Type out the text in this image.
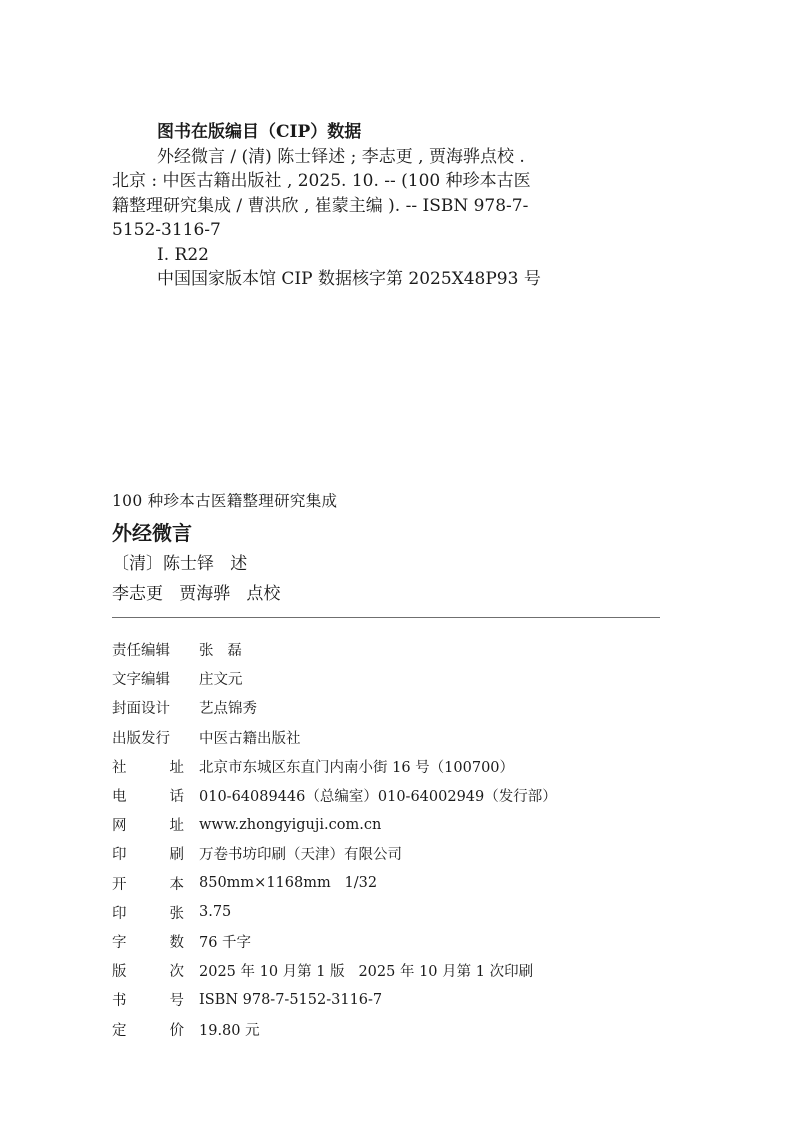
图书在版编目（CIP）数据
外经微言 / (清) 陈士铎述 ; 李志更 , 贾海骅点校 .
北京 : 中医古籍出版社 , 2025. 10. -- (100 种珍本古医
籍整理研究集成 / 曹洪欣 , 崔蒙主编 ). -- ISBN 978-7-
5152-3116-7
Ⅰ. R22
中国国家版本馆 CIP 数据核字第 2025X48P93 号
100 种珍本古医籍整理研究集成
外经微言
〔清〕陈士铎   述
李志更   贾海骅   点校
责任编辑 张   磊
文字编辑 庄文元
封面设计 艺点锦秀
出版发行 中医古籍出版社
社	址 北京市东城区东直门内南小街 16 号（100700）
电	话 010-64089446（总编室）010-64002949（发行部）
网	址 www.zhongyiguji.com.cn
印	刷 万卷书坊印刷（天津）有限公司
开	本 850mm×1168mm   1/32
印	张 3.75
字	数 76 千字
版	次 2025 年 10 月第 1 版   2025 年 10 月第 1 次印刷
书	号 ISBN 978-7-5152-3116-7
定	价 19.80 元
